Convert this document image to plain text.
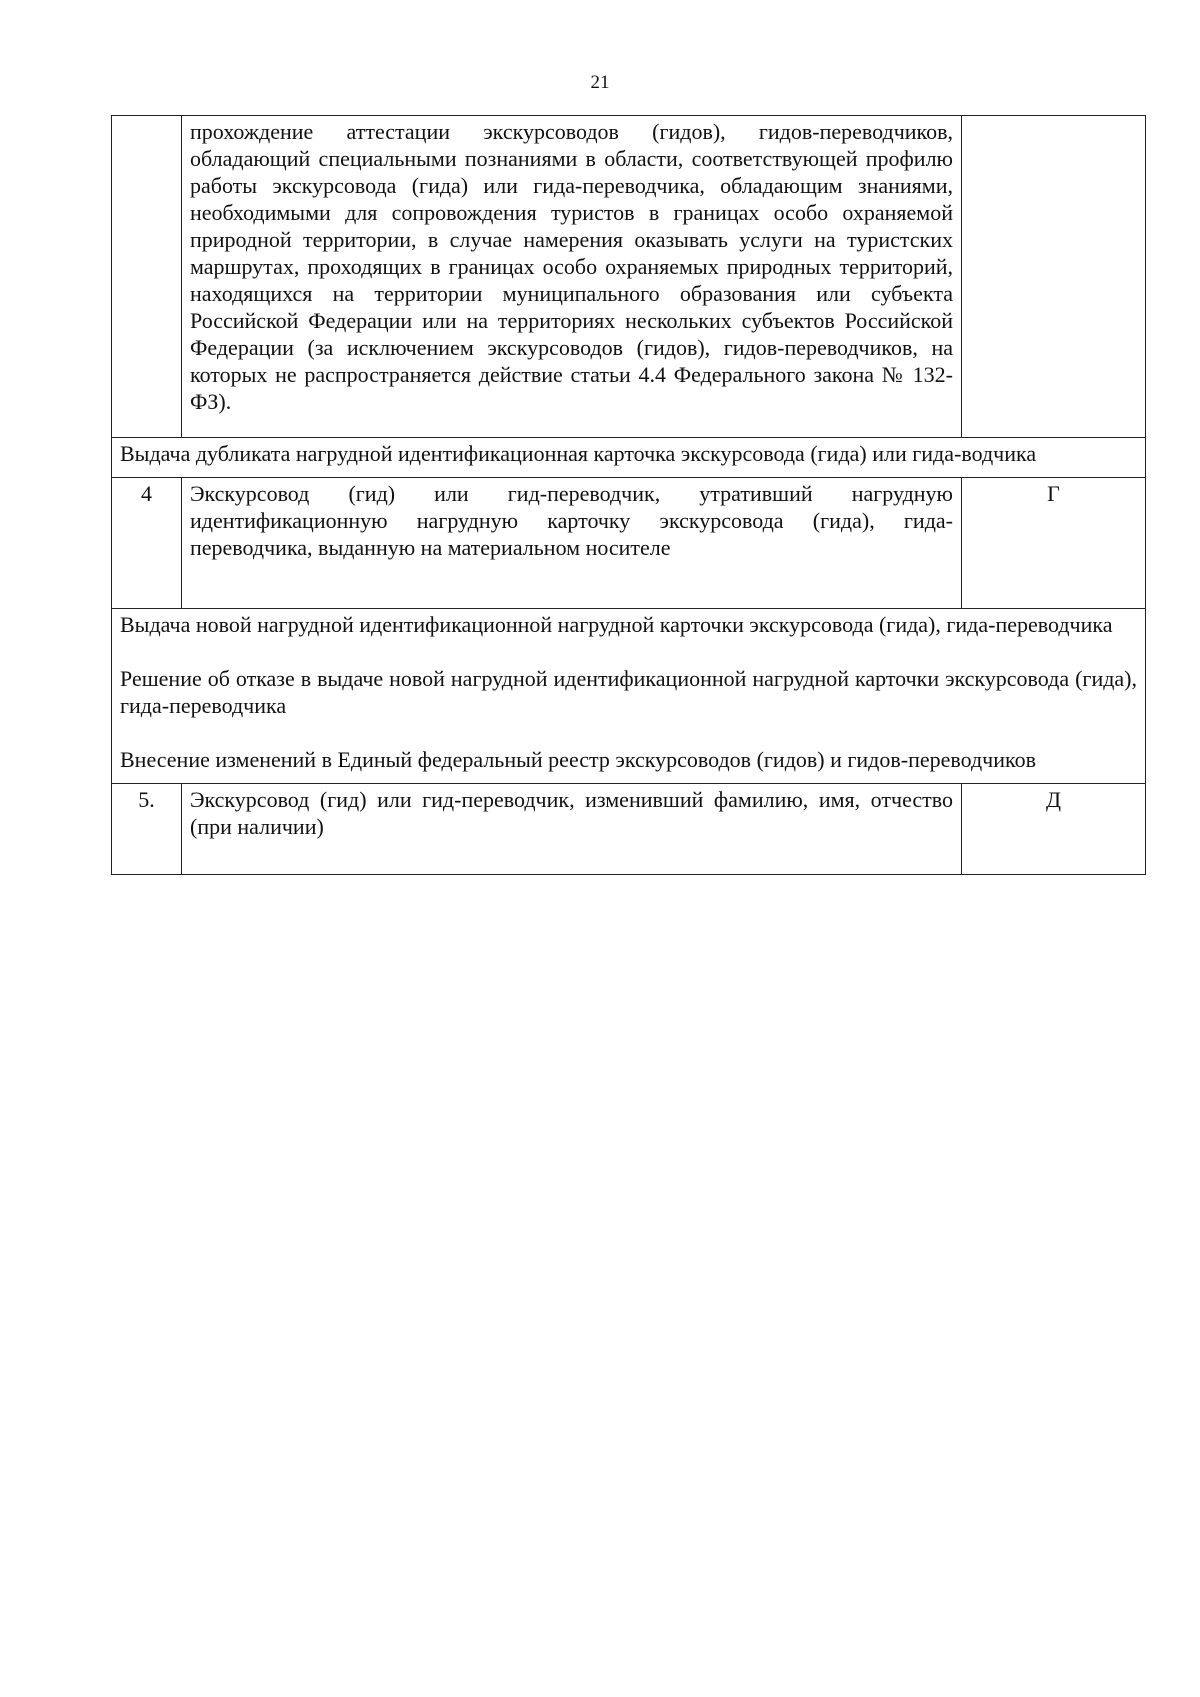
21
	прохождение аттестации экскурсоводов (гидов), гидов-переводчиков, обладающий специальными познаниями в области, соответствующей профилю работы экскурсовода (гида) или гида-переводчика, обладающим знаниями, необходимыми для сопровождения туристов в границах особо охраняемой природной территории, в случае намерения оказывать услуги на туристских маршрутах, проходящих в границах особо охраняемых природных территорий, находящихся на территории муниципального образования или субъекта Российской Федерации или на территориях нескольких субъектов Российской Федерации (за исключением экскурсоводов (гидов), гидов-переводчиков, на которых не распространяется действие статьи 4.4 Федерального закона № 132-ФЗ).	
Выдача дубликата нагрудной идентификационная карточка экскурсовода (гида) или гида-водчика		
4	Экскурсовод (гид) или гид-переводчик, утративший нагрудную идентификационную нагрудную карточку экскурсовода (гида), гида-переводчика, выданную на материальном носителе	Г

Выдача новой нагрудной идентификационной нагрудной карточки экскурсовода (гида), гида-переводчика

Решение об отказе в выдаче новой нагрудной идентификационной нагрудной карточки экскурсовода (гида), гида-переводчика

Внесение изменений в Единый федеральный реестр экскурсоводов (гидов) и гидов-переводчиков		

5.	Экскурсовод (гид) или гид-переводчик, изменивший фамилию, имя, отчество (при наличии)	Д
